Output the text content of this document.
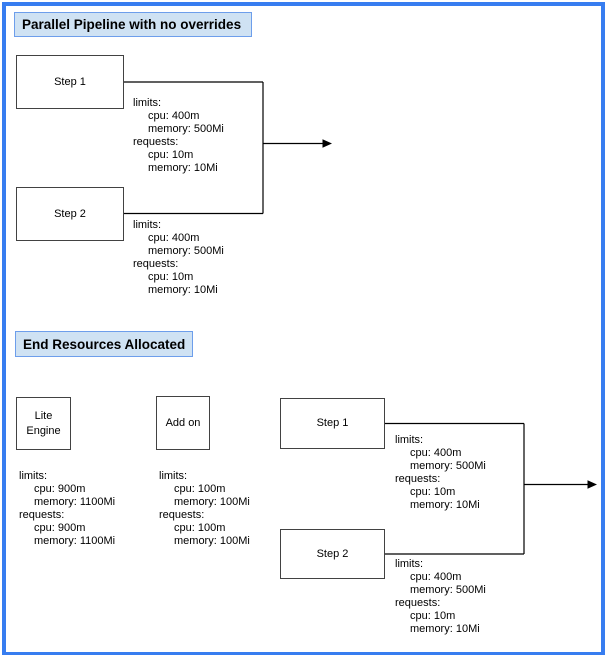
Parallel Pipeline with no overrides
Step 1
Step 2
limits:
cpu: 400m
memory: 500Mi
requests:
cpu: 10m
memory: 10Mi
limits:
cpu: 400m
memory: 500Mi
requests:
cpu: 10m
memory: 10Mi
End Resources Allocated
Lite
Engine
Add on
limits:
cpu: 900m
memory: 1100Mi
requests:
cpu: 900m
memory: 1100Mi
limits:
cpu: 100m
memory: 100Mi
requests:
cpu: 100m
memory: 100Mi
Step 1
Step 2
limits:
cpu: 400m
memory: 500Mi
requests:
cpu: 10m
memory: 10Mi
limits:
cpu: 400m
memory: 500Mi
requests:
cpu: 10m
memory: 10Mi
